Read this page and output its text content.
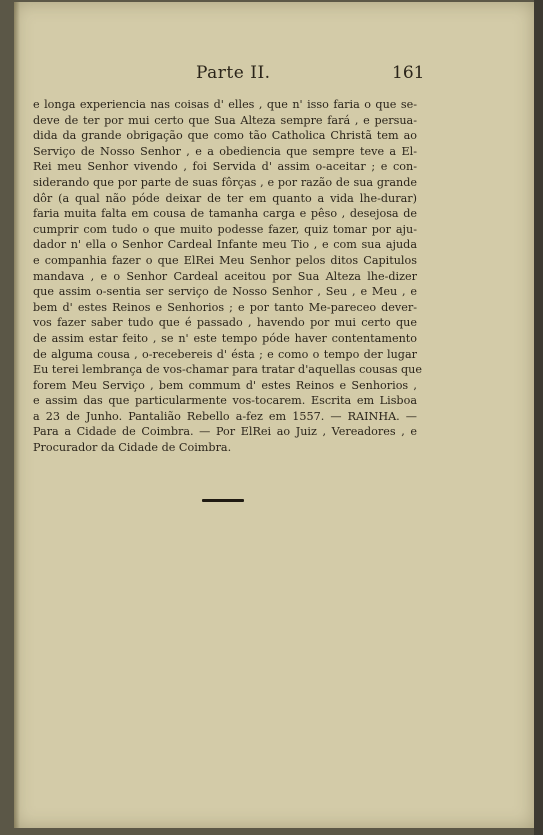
Parte II.	161
e longa experiencia nas coisas d' elles , que n' isso faria o que se-
deve de ter por mui certo que Sua Alteza sempre fará , e persua-
dida da grande obrigação que como tão Catholica Christã tem ao
Serviço de Nosso Senhor , e a obediencia que sempre teve a El-
Rei meu Senhor vivendo , foi Servida d' assim o-aceitar ; e con-
siderando que por parte de suas fôrças , e por razão de sua grande
dôr (a qual não póde deixar de ter em quanto a vida lhe-durar)
faria muita falta em cousa de tamanha carga e pêso , desejosa de
cumprir com tudo o que muito podesse fazer, quiz tomar por aju-
dador n' ella o Senhor Cardeal Infante meu Tio , e com sua ajuda
e companhia fazer o que ElRei Meu Senhor pelos ditos Capitulos
mandava , e o Senhor Cardeal aceitou por Sua Alteza lhe-dizer
que assim o-sentia ser serviço de Nosso Senhor , Seu , e Meu , e
bem d' estes Reinos e Senhorios ; e por tanto Me-pareceo dever-
vos fazer saber tudo que é passado , havendo por mui certo que
de assim estar feito , se n' este tempo póde haver contentamento
de alguma cousa , o-recebereis d' ésta ; e como o tempo der lugar
Eu terei lembrança de vos-chamar para tratar d'aquellas cousas que
forem Meu Serviço , bem commum d' estes Reinos e Senhorios ,
e assim das que particularmente vos-tocarem. Escrita em Lisboa
a 23 de Junho. Pantalião Rebello a-fez em 1557. — RAINHA. —
Para a Cidade de Coimbra. — Por ElRei ao Juiz , Vereadores , e
Procurador da Cidade de Coimbra.
